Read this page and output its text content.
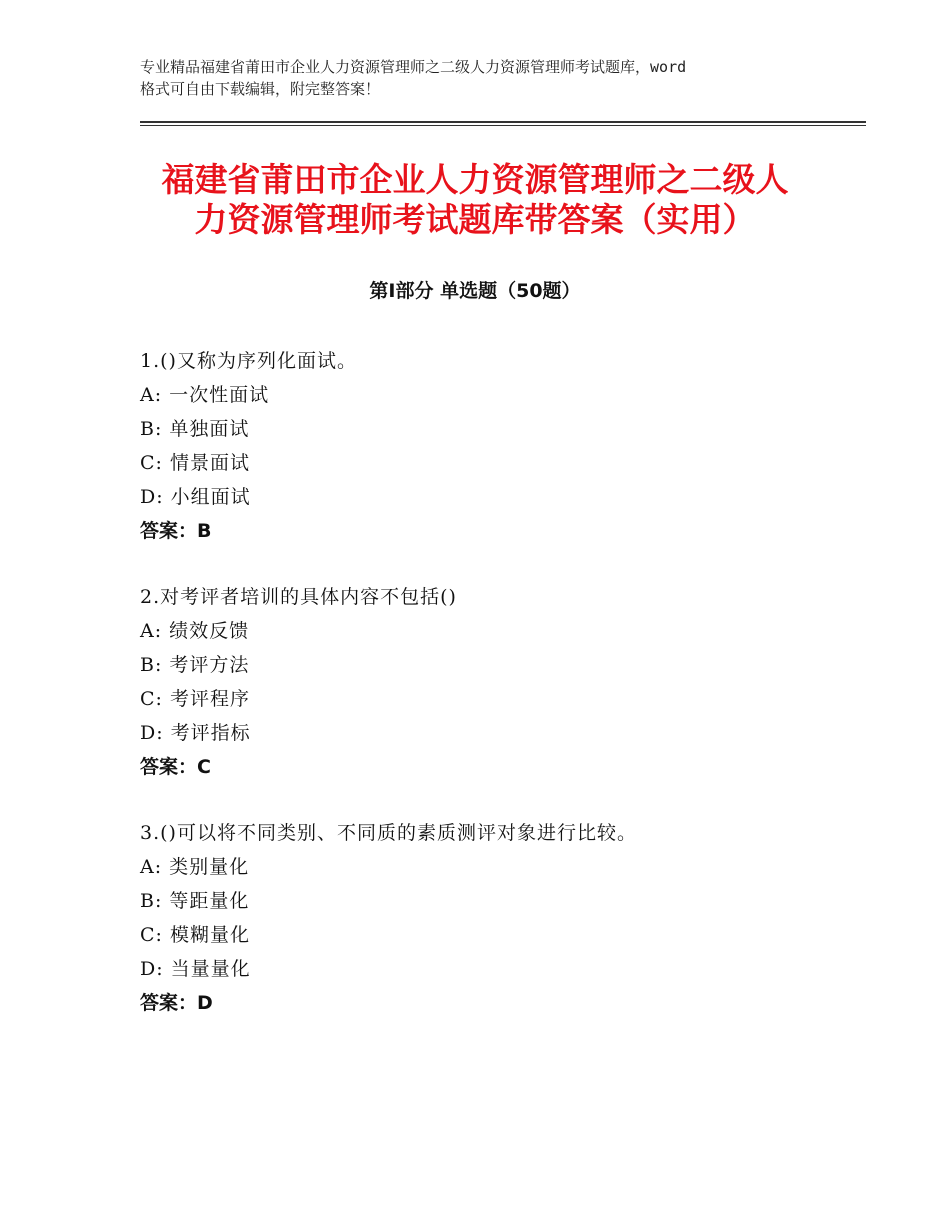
专业精品福建省莆田市企业人力资源管理师之二级人力资源管理师考试题库，word
格式可自由下载编辑，附完整答案！
福建省莆田市企业人力资源管理师之二级人
力资源管理师考试题库带答案（实用）
第Ⅰ部分 单选题（50题）
1.()又称为序列化面试。
A: 一次性面试
B: 单独面试
C: 情景面试
D: 小组面试
答案：B
2.对考评者培训的具体内容不包括()
A: 绩效反馈
B: 考评方法
C: 考评程序
D: 考评指标
答案：C
3.()可以将不同类别、不同质的素质测评对象进行比较。
A: 类别量化
B: 等距量化
C: 模糊量化
D: 当量量化
答案：D
